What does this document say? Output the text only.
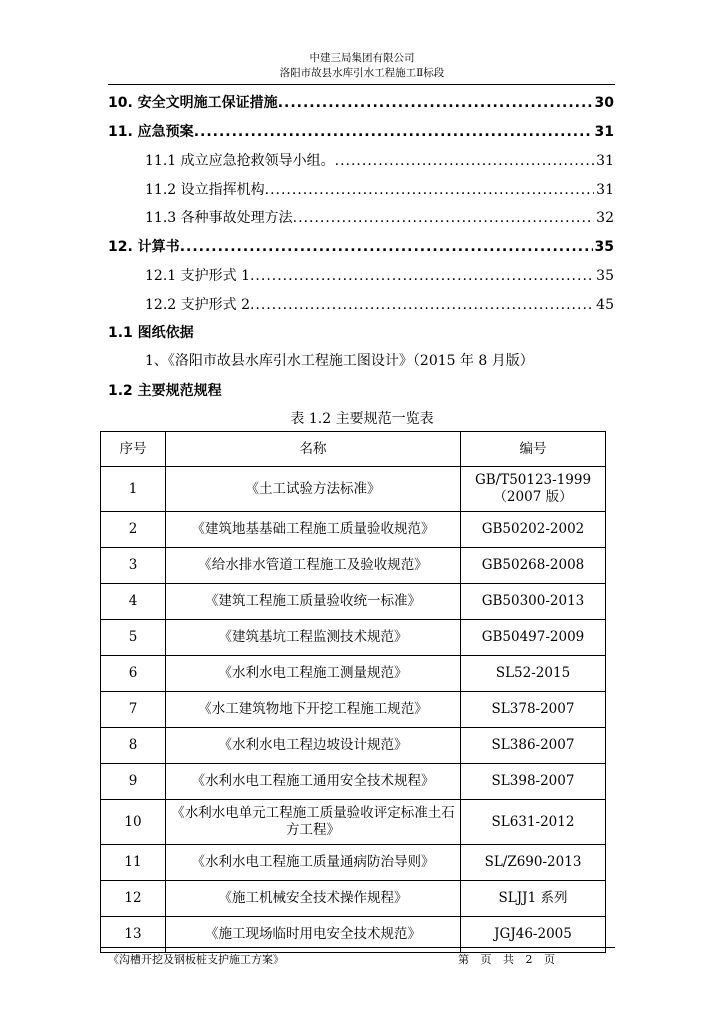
中建三局集团有限公司
洛阳市故县水库引水工程施工Ⅱ标段
10. 安全文明施工保证措施 .....	30
11. 应急预案 .....	31
11.1 成立应急抢救领导小组。 .....	31
11.2 设立指挥机构 .....	31
11.3 各种事故处理方法 .....	32
12. 计算书 .....	35
12.1 支护形式 1 .....	35
12.2 支护形式 2 .....	45
1.1 图纸依据
1、《洛阳市故县水库引水工程施工图设计》（2015 年 8 月版）
1.2 主要规范规程
表 1.2 主要规范一览表
序号	名称	编号
1	《土工试验方法标准》	GB/T50123-1999（2007 版）
2	《建筑地基基础工程施工质量验收规范》	GB50202-2002
3	《给水排水管道工程施工及验收规范》	GB50268-2008
4	《建筑工程施工质量验收统一标准》	GB50300-2013
5	《建筑基坑工程监测技术规范》	GB50497-2009
6	《水利水电工程施工测量规范》	SL52-2015
7	《水工建筑物地下开挖工程施工规范》	SL378-2007
8	《水利水电工程边坡设计规范》	SL386-2007
9	《水利水电工程施工通用安全技术规程》	SL398-2007
10	《水利水电单元工程施工质量验收评定标准土石方工程》	SL631-2012
11	《水利水电工程施工质量通病防治导则》	SL/Z690-2013
12	《施工机械安全技术操作规程》	SLJJ1 系列
13	《施工现场临时用电安全技术规范》	JGJ46-2005
《沟槽开挖及钢板桩支护施工方案》	第 页 共 2 页
